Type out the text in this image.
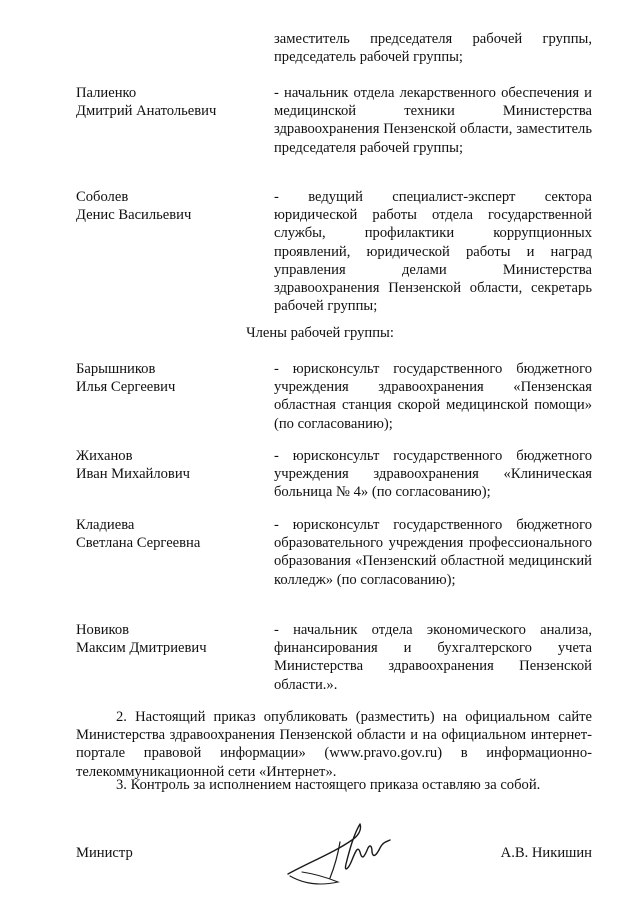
заместитель председателя рабочей группы, председатель рабочей группы;
Палиенко
Дмитрий Анатольевич
- начальник отдела лекарственного обеспечения и медицинской техники Министерства здравоохранения Пензенской области, заместитель председателя рабочей группы;
Соболев
Денис Васильевич
- ведущий специалист-эксперт сектора юридической работы отдела государственной службы, профилактики коррупционных проявлений, юридической работы и наград управления делами Министерства здравоохранения Пензенской области, секретарь рабочей группы;
Члены рабочей группы:
Барышников
Илья Сергеевич
- юрисконсульт государственного бюджетного учреждения здравоохранения «Пензенская областная станция скорой медицинской помощи» (по согласованию);
Жиханов
Иван Михайлович
- юрисконсульт государственного бюджетного учреждения здравоохранения «Клиническая больница № 4» (по согласованию);
Кладиева
Светлана Сергеевна
- юрисконсульт государственного бюджетного образовательного учреждения профессионального образования «Пензенский областной медицинский колледж» (по согласованию);
Новиков
Максим Дмитриевич
- начальник отдела экономического анализа, финансирования и бухгалтерского учета Министерства здравоохранения Пензенской области.».
2. Настоящий приказ опубликовать (разместить) на официальном сайте Министерства здравоохранения Пензенской области и на официальном интернет-портале правовой информации» (www.pravo.gov.ru) в информационно-телекоммуникационной сети «Интернет».
3. Контроль за исполнением настоящего приказа оставляю за собой.
Министр	А.В. Никишин
